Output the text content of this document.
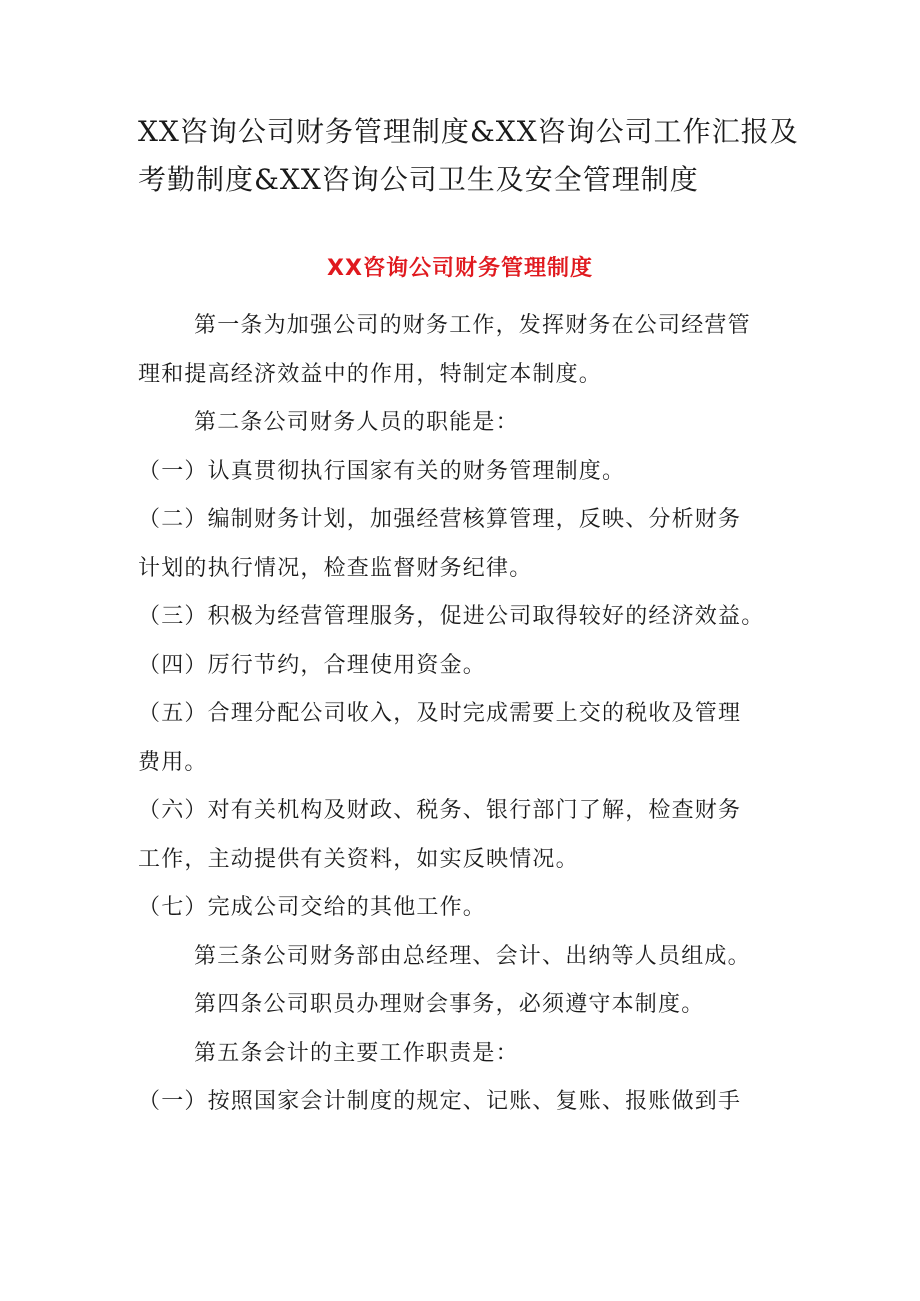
XX咨询公司财务管理制度&XX咨询公司工作汇报及
考勤制度&XX咨询公司卫生及安全管理制度
XX咨询公司财务管理制度

第一条为加强公司的财务工作，发挥财务在公司经营管

理和提高经济效益中的作用，特制定本制度。

第二条公司财务人员的职能是：

（一）认真贯彻执行国家有关的财务管理制度。

（二）编制财务计划，加强经营核算管理，反映、分析财务

计划的执行情况，检查监督财务纪律。

（三）积极为经营管理服务，促进公司取得较好的经济效益。

（四）厉行节约，合理使用资金。

（五）合理分配公司收入，及时完成需要上交的税收及管理

费用。

（六）对有关机构及财政、税务、银行部门了解，检查财务

工作，主动提供有关资料，如实反映情况。

（七）完成公司交给的其他工作。

第三条公司财务部由总经理、会计、出纳等人员组成。

第四条公司职员办理财会事务，必须遵守本制度。

第五条会计的主要工作职责是：

（一）按照国家会计制度的规定、记账、复账、报账做到手
